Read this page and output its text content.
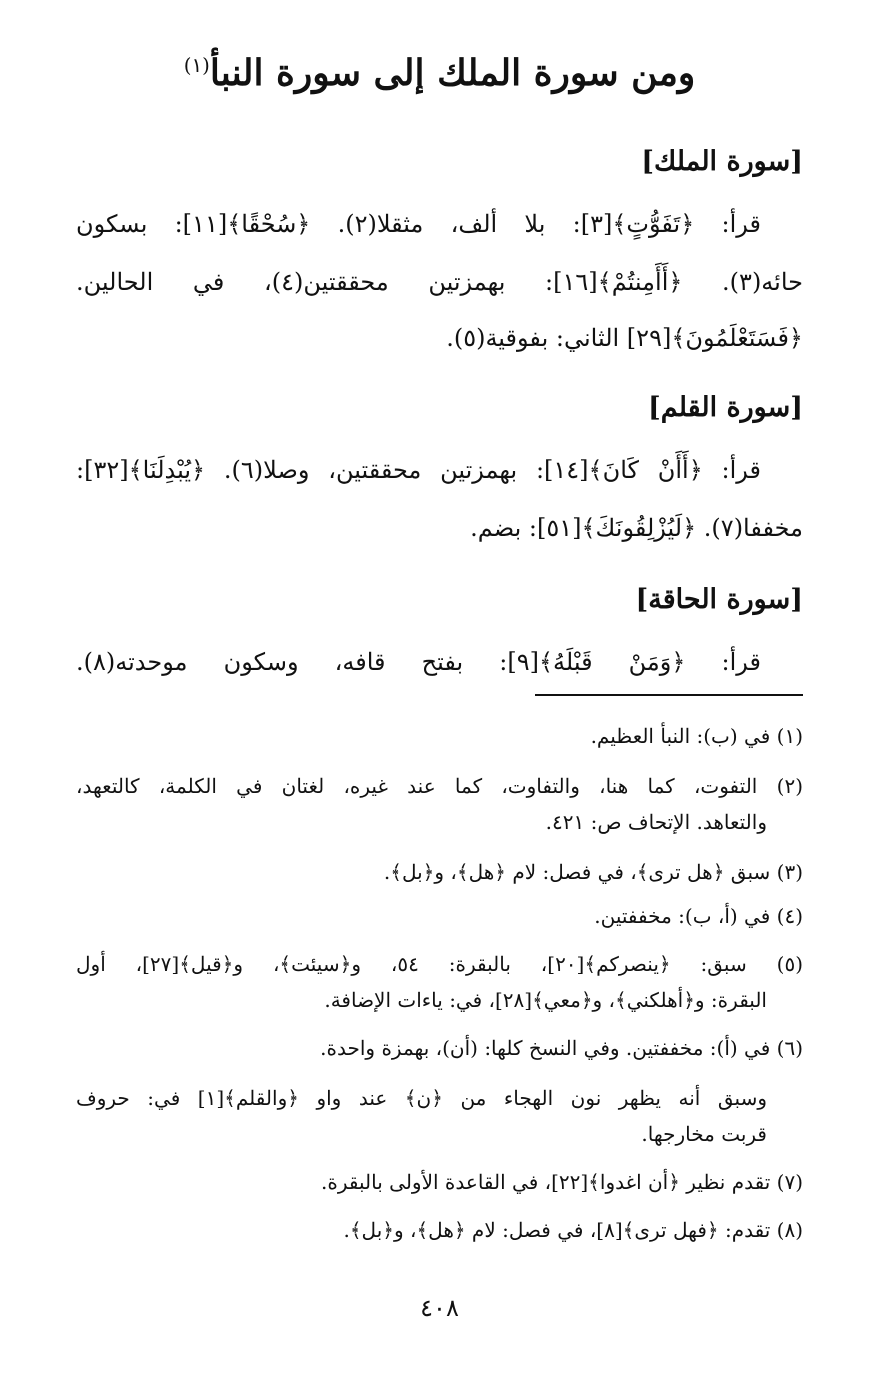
ومن سورة الملك إلى سورة النبأ$^{(١)}$
[سورة الملك]
قرأ: ﴿تَفَوُّتٍ﴾[٣]: بلا ألف، مثقلا(٢). ﴿سُحْقًا﴾[١١]: بسكون
حائه(٣). ﴿أَأَمِنتُمْ﴾[١٦]: بهمزتين محققتين(٤)، في الحالين.
﴿فَسَتَعْلَمُونَ﴾[٢٩] الثاني: بفوقية(٥).
[سورة القلم]
قرأ: ﴿أَأَنْ كَانَ﴾[١٤]: بهمزتين محققتين، وصلا(٦). ﴿يُبْدِلَنَا﴾[٣٢]:
مخففا(٧). ﴿لَيُزْلِقُونَكَ﴾[٥١]: بضم.
[سورة الحاقة]
قرأ: ﴿وَمَنْ قَبْلَهُ﴾[٩]: بفتح قافه، وسكون موحدته(٨).
(١) في (ب): النبأ العظيم.
(٢) التفوت، كما هنا، والتفاوت، كما عند غيره، لغتان في الكلمة، كالتعهد،
والتعاهد. الإتحاف ص: ٤٢١.
(٣) سبق ﴿هل ترى﴾، في فصل: لام ﴿هل﴾، و﴿بل﴾.
(٤) في (أ، ب): مخففتين.
(٥) سبق: ﴿ينصركم﴾[٢٠]، بالبقرة: ٥٤، و﴿سيئت﴾، و﴿قيل﴾[٢٧]، أول
البقرة: و﴿أهلكني﴾، و﴿معي﴾[٢٨]، في: ياءات الإضافة.
(٦) في (أ): مخففتين. وفي النسخ كلها: (أن)، بهمزة واحدة.
وسبق أنه يظهر نون الهجاء من ﴿ن﴾ عند واو ﴿والقلم﴾[١] في: حروف
قربت مخارجها.
(٧) تقدم نظير ﴿أن اغدوا﴾[٢٢]، في القاعدة الأولى بالبقرة.
(٨) تقدم: ﴿فهل ترى﴾[٨]، في فصل: لام ﴿هل﴾، و﴿بل﴾.
٤٠٨
